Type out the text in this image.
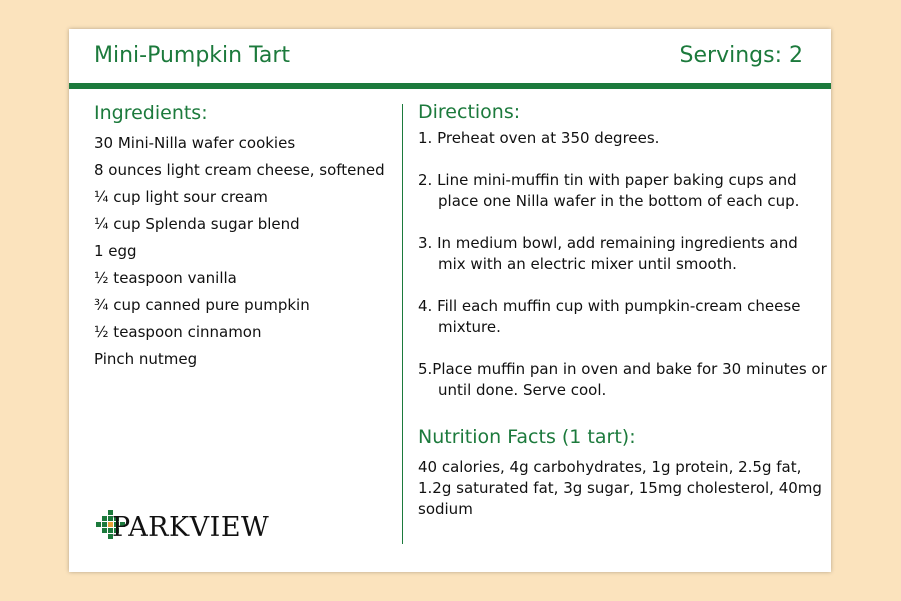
Mini-Pumpkin Tart	Servings: 2
Ingredients:
30 Mini-Nilla wafer cookies
8 ounces light cream cheese, softened
¼ cup light sour cream
¼ cup Splenda sugar blend
1 egg
½ teaspoon vanilla
¾ cup canned pure pumpkin
½ teaspoon cinnamon
Pinch nutmeg
Directions:
1. Preheat oven at 350 degrees.
2. Line mini-muffin tin with paper baking cups and place one Nilla wafer in the bottom of each cup.
3. In medium bowl, add remaining ingredients and mix with an electric mixer until smooth.
4. Fill each muffin cup with pumpkin-cream cheese mixture.
5.Place muffin pan in oven and bake for 30 minutes or until done. Serve cool.
Nutrition Facts (1 tart):
40 calories, 4g carbohydrates, 1g protein, 2.5g fat, 1.2g saturated fat, 3g sugar, 15mg cholesterol, 40mg sodium
PARKVIEW
